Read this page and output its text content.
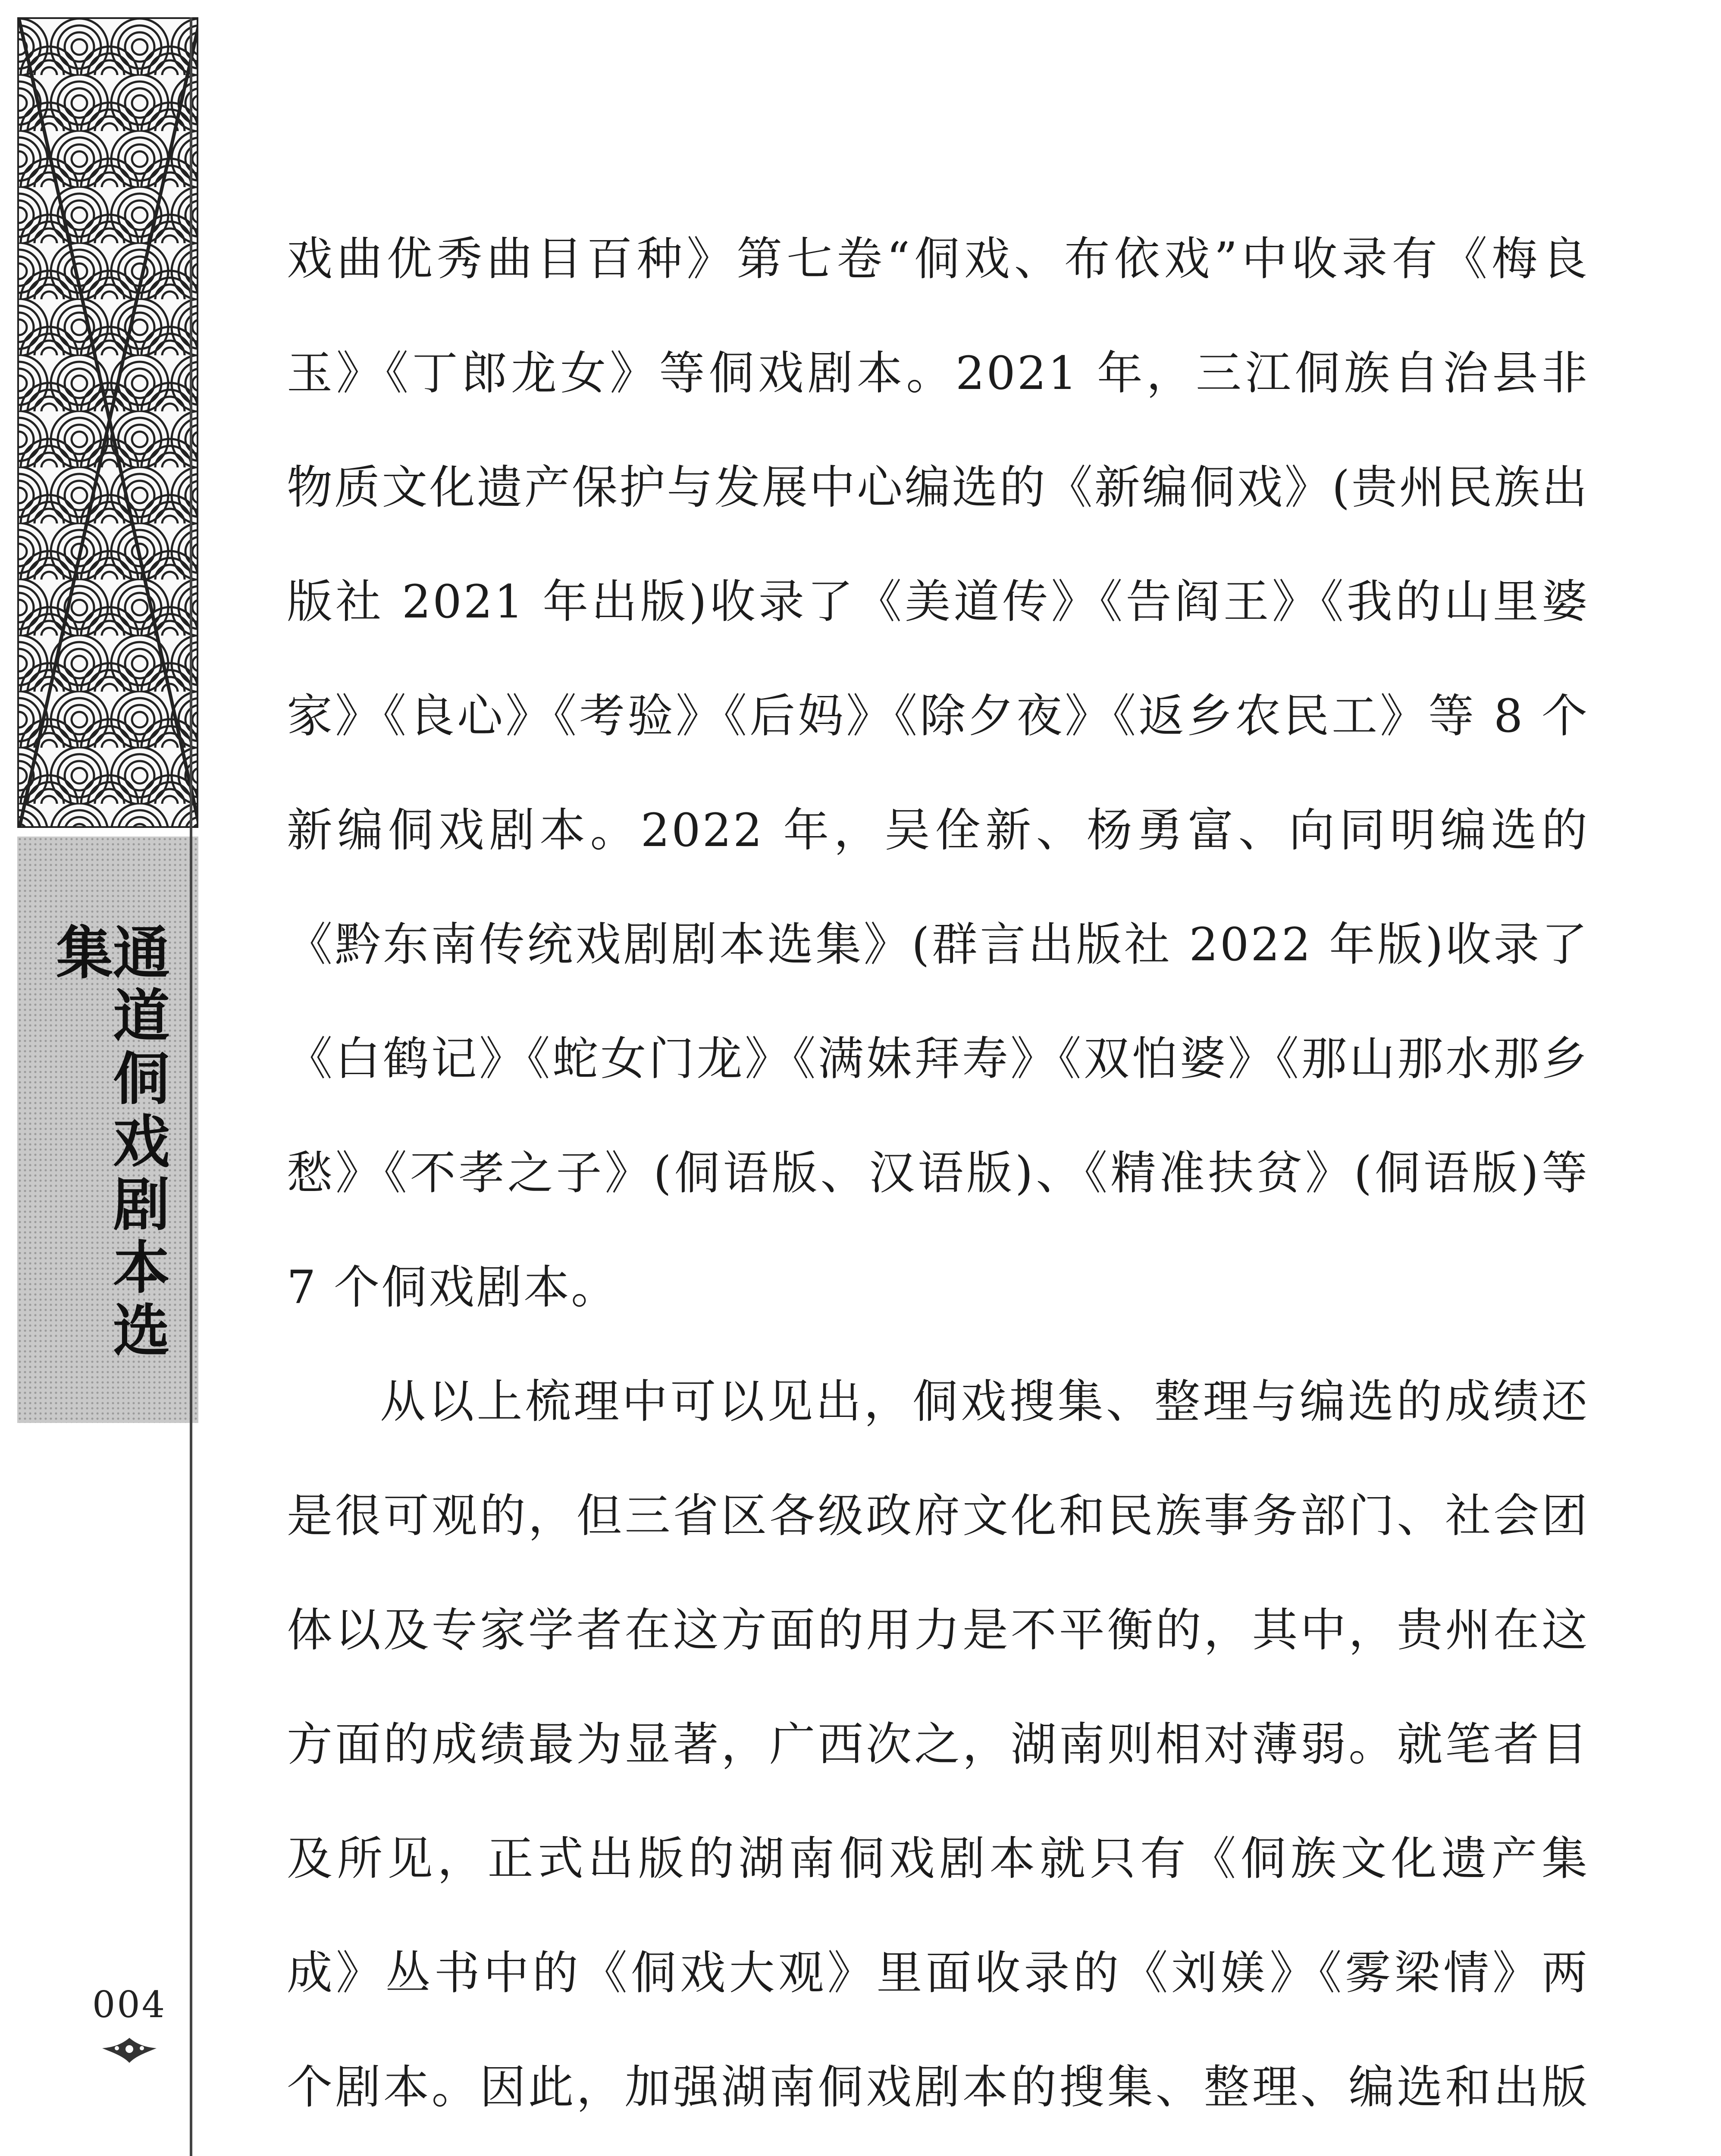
通道侗戏剧本选集
004

戏曲优秀曲目百种》第七卷“侗戏、布依戏”中收录有《梅良玉》《丁郎龙女》等侗戏剧本。2021 年，三江侗族自治县非物质文化遗产保护与发展中心编选的《新编侗戏》(贵州民族出版社 2021 年出版)收录了《美道传》《告阎王》《我的山里婆家》《良心》《考验》《后妈》《除夕夜》《返乡农民工》等 8 个新编侗戏剧本。2022 年，吴佺新、杨勇富、向同明编选的《黔东南传统戏剧剧本选集》(群言出版社 2022 年版)收录了《白鹤记》《蛇女门龙》《满妹拜寿》《双怕婆》《那山那水那乡愁》《不孝之子》(侗语版、汉语版)、《精准扶贫》(侗语版)等 7 个侗戏剧本。

从以上梳理中可以见出，侗戏搜集、整理与编选的成绩还是很可观的，但三省区各级政府文化和民族事务部门、社会团体以及专家学者在这方面的用力是不平衡的，其中，贵州在这方面的成绩最为显著，广西次之，湖南则相对薄弱。就笔者目及所见，正式出版的湖南侗戏剧本就只有《侗族文化遗产集成》丛书中的《侗戏大观》里面收录的《刘媄》《雾梁情》两个剧本。因此，加强湖南侗戏剧本的搜集、整理、编选和出版
